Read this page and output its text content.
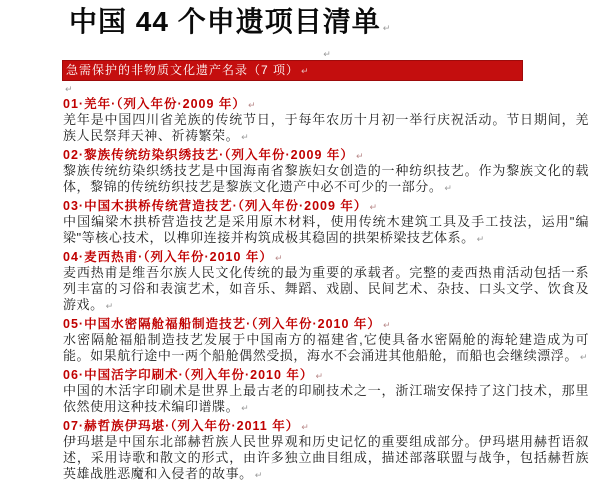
中国 44 个申遗项目清单 ↵
↵
急需保护的非物质文化遗产名录（7 项） ↵
↵
01·羌年·（列入年份·2009 年） ↵

羌年是中国四川省羌族的传统节日，于每年农历十月初一举行庆祝活动。节日期间，羌族人民祭拜天神、祈祷繁荣。 ↵

02·黎族传统纺染织绣技艺·（列入年份·2009 年） ↵

黎族传统纺染织绣技艺是中国海南省黎族妇女创造的一种纺织技艺。作为黎族文化的载体，黎锦的传统纺织技艺是黎族文化遗产中必不可少的一部分。 ↵

03·中国木拱桥传统营造技艺·（列入年份·2009 年） ↵

中国编梁木拱桥营造技艺是采用原木材料，使用传统木建筑工具及手工技法，运用"编梁"等核心技术，以榫卯连接并构筑成极其稳固的拱架桥梁技艺体系。 ↵

04·麦西热甫·（列入年份·2010 年） ↵

麦西热甫是维吾尔族人民文化传统的最为重要的承载者。完整的麦西热甫活动包括一系列丰富的习俗和表演艺术，如音乐、舞蹈、戏剧、民间艺术、杂技、口头文学、饮食及游戏。 ↵

05·中国水密隔舱福船制造技艺·（列入年份·2010 年） ↵

水密隔舱福船制造技艺发展于中国南方的福建省,它使具备水密隔舱的海轮建造成为可能。如果航行途中一两个船舱偶然受损，海水不会涌进其他船舱，而船也会继续漂浮。 ↵

06·中国活字印刷术·（列入年份·2010 年） ↵

中国的木活字印刷术是世界上最古老的印刷技术之一，浙江瑞安保持了这门技术，那里依然使用这种技术编印谱牒。 ↵

07·赫哲族伊玛堪·（列入年份·2011 年） ↵

伊玛堪是中国东北部赫哲族人民世界观和历史记忆的重要组成部分。伊玛堪用赫哲语叙述，采用诗歌和散文的形式，由许多独立曲目组成，描述部落联盟与战争，包括赫哲族英雄战胜恶魔和入侵者的故事。 ↵
